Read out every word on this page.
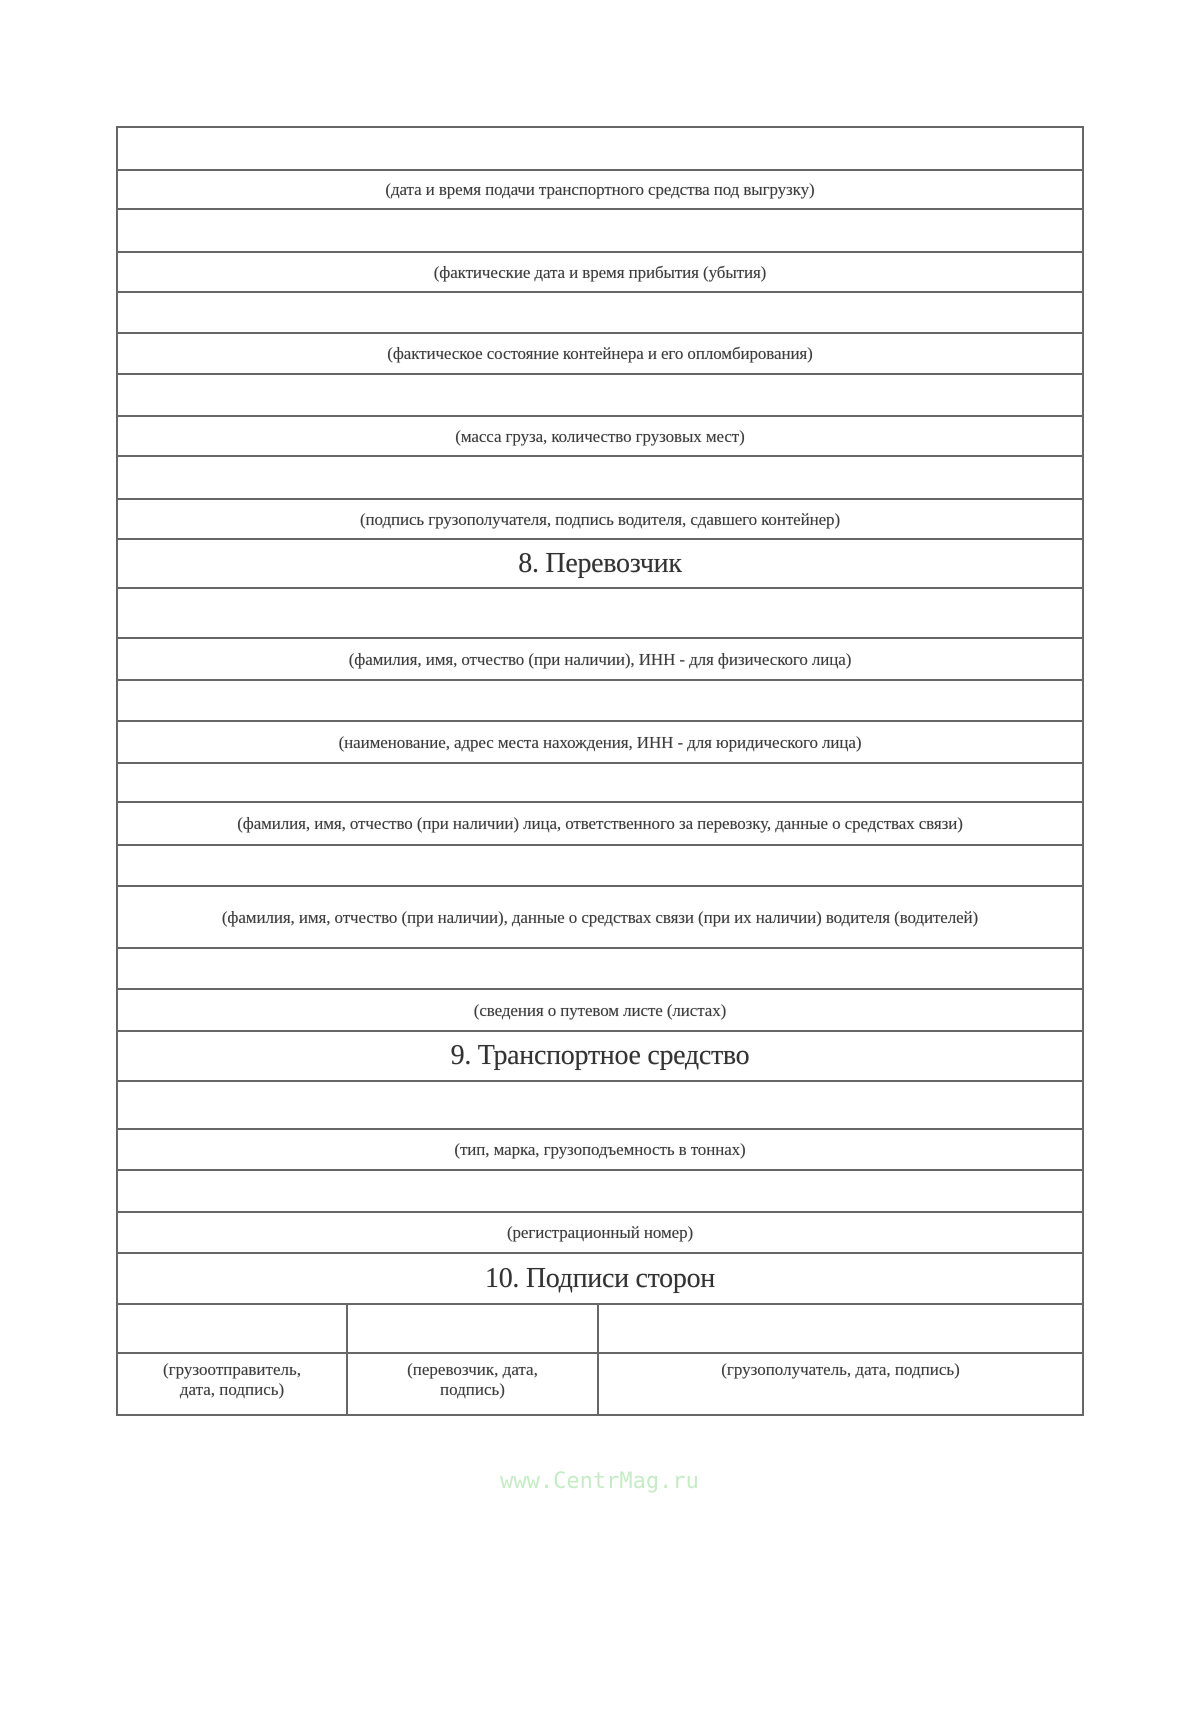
(дата и время подачи транспортного средства под выгрузку)
(фактические дата и время прибытия (убытия)
(фактическое состояние контейнера и его опломбирования)
(масса груза, количество грузовых мест)
(подпись грузополучателя, подпись водителя, сдавшего контейнер)
8. Перевозчик
(фамилия, имя, отчество (при наличии), ИНН - для физического лица)
(наименование, адрес места нахождения, ИНН - для юридического лица)
(фамилия, имя, отчество (при наличии) лица, ответственного за перевозку, данные о средствах связи)
(фамилия, имя, отчество (при наличии), данные о средствах связи (при их наличии) водителя (водителей)
(сведения о путевом листе (листах)
9. Транспортное средство
(тип, марка, грузоподъемность в тоннах)
(регистрационный номер)
10. Подписи сторон
(грузоотправитель, дата, подпись)
(перевозчик, дата, подпись)
(грузополучатель, дата, подпись)
www.CentrMag.ru
